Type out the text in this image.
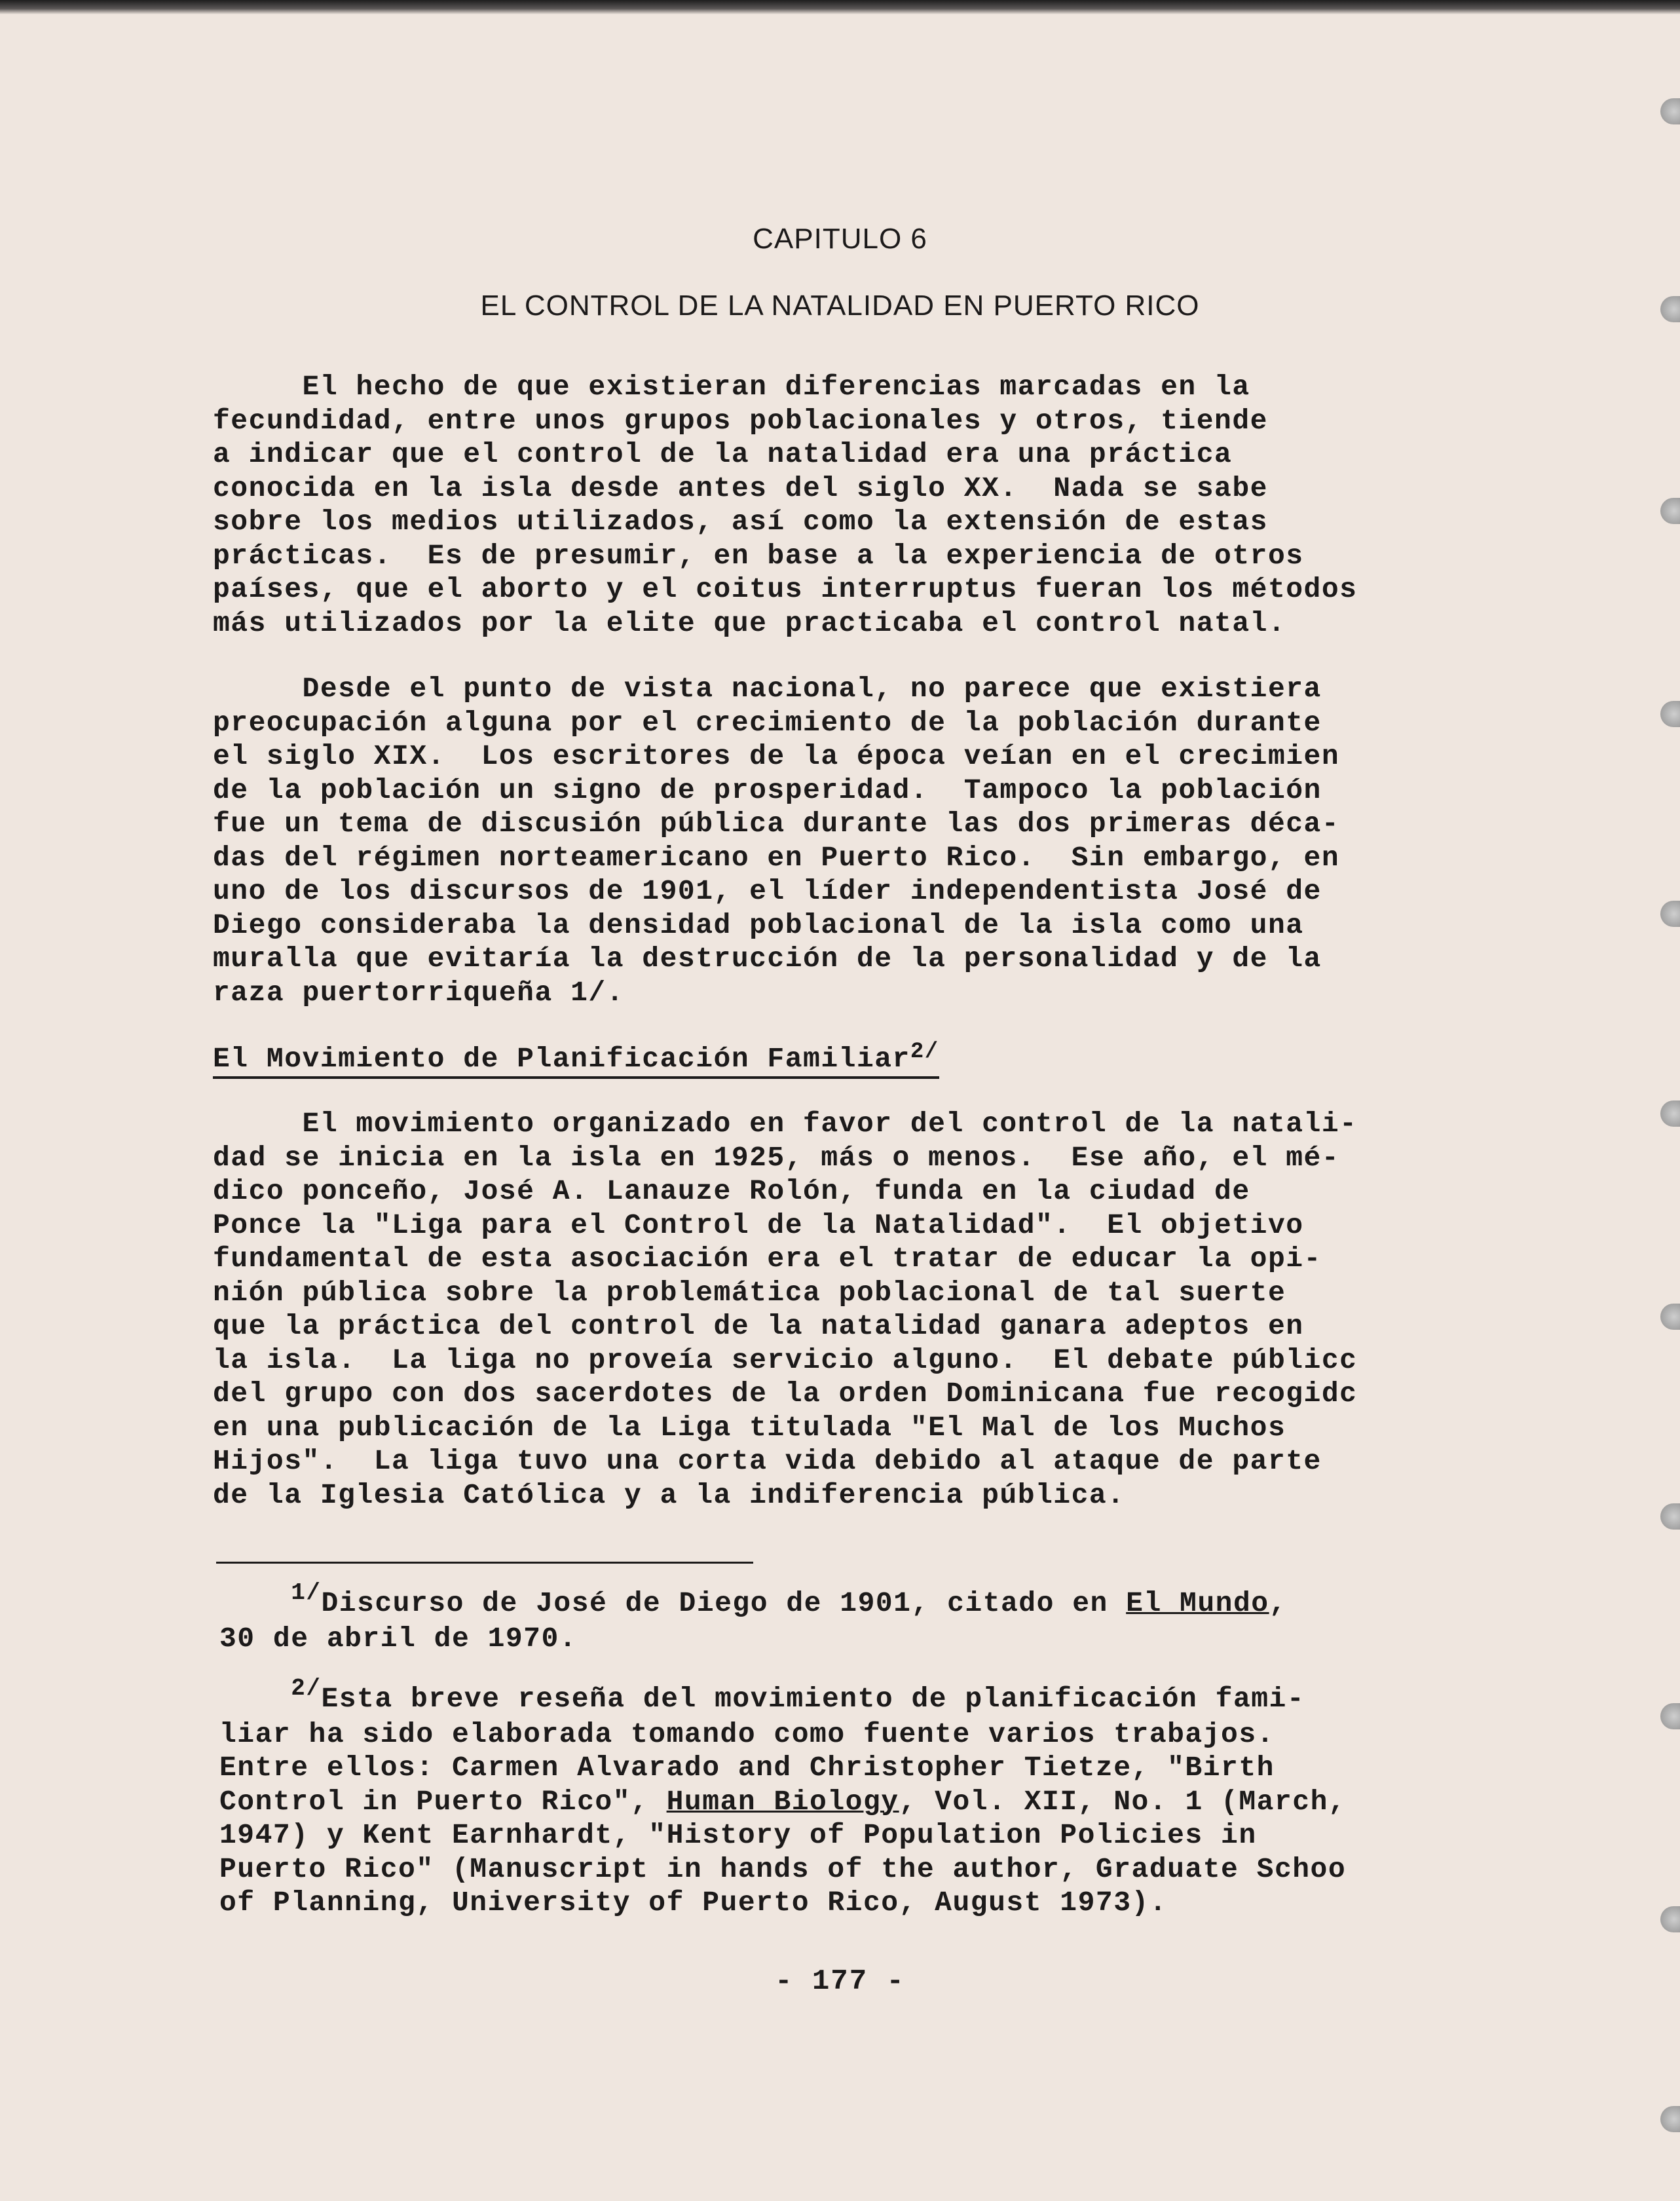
CAPITULO 6
EL CONTROL DE LA NATALIDAD EN PUERTO RICO
El hecho de que existieran diferencias marcadas en la
fecundidad, entre unos grupos poblacionales y otros, tiende
a indicar que el control de la natalidad era una práctica
conocida en la isla desde antes del siglo XX.  Nada se sabe
sobre los medios utilizados, así como la extensión de estas
prácticas.  Es de presumir, en base a la experiencia de otros
países, que el aborto y el coitus interruptus fueran los métodos
más utilizados por la elite que practicaba el control natal.
Desde el punto de vista nacional, no parece que existiera
preocupación alguna por el crecimiento de la población durante
el siglo XIX.  Los escritores de la época veían en el crecimien
de la población un signo de prosperidad.  Tampoco la población
fue un tema de discusión pública durante las dos primeras déca-
das del régimen norteamericano en Puerto Rico.  Sin embargo, en
uno de los discursos de 1901, el líder independentista José de
Diego consideraba la densidad poblacional de la isla como una
muralla que evitaría la destrucción de la personalidad y de la
raza puertorriqueña 1/.
El Movimiento de Planificación Familiar$^{2/}$
El movimiento organizado en favor del control de la natali-
dad se inicia en la isla en 1925, más o menos.  Ese año, el mé-
dico ponceño, José A. Lanauze Rolón, funda en la ciudad de
Ponce la "Liga para el Control de la Natalidad".  El objetivo
fundamental de esta asociación era el tratar de educar la opi-
nión pública sobre la problemática poblacional de tal suerte
que la práctica del control de la natalidad ganara adeptos en
la isla.  La liga no proveía servicio alguno.  El debate públicc
del grupo con dos sacerdotes de la orden Dominicana fue recogidc
en una publicación de la Liga titulada "El Mal de los Muchos
Hijos".  La liga tuvo una corta vida debido al ataque de parte
de la Iglesia Católica y a la indiferencia pública.
$^{1/}$Discurso de José de Diego de 1901, citado en El Mundo,
30 de abril de 1970.
$^{2/}$Esta breve reseña del movimiento de planificación fami-
liar ha sido elaborada tomando como fuente varios trabajos.
Entre ellos: Carmen Alvarado and Christopher Tietze, "Birth
Control in Puerto Rico", Human Biology, Vol. XII, No. 1 (March,
1947) y Kent Earnhardt, "History of Population Policies in
Puerto Rico" (Manuscript in hands of the author, Graduate Schoo
of Planning, University of Puerto Rico, August 1973).
- 177 -
